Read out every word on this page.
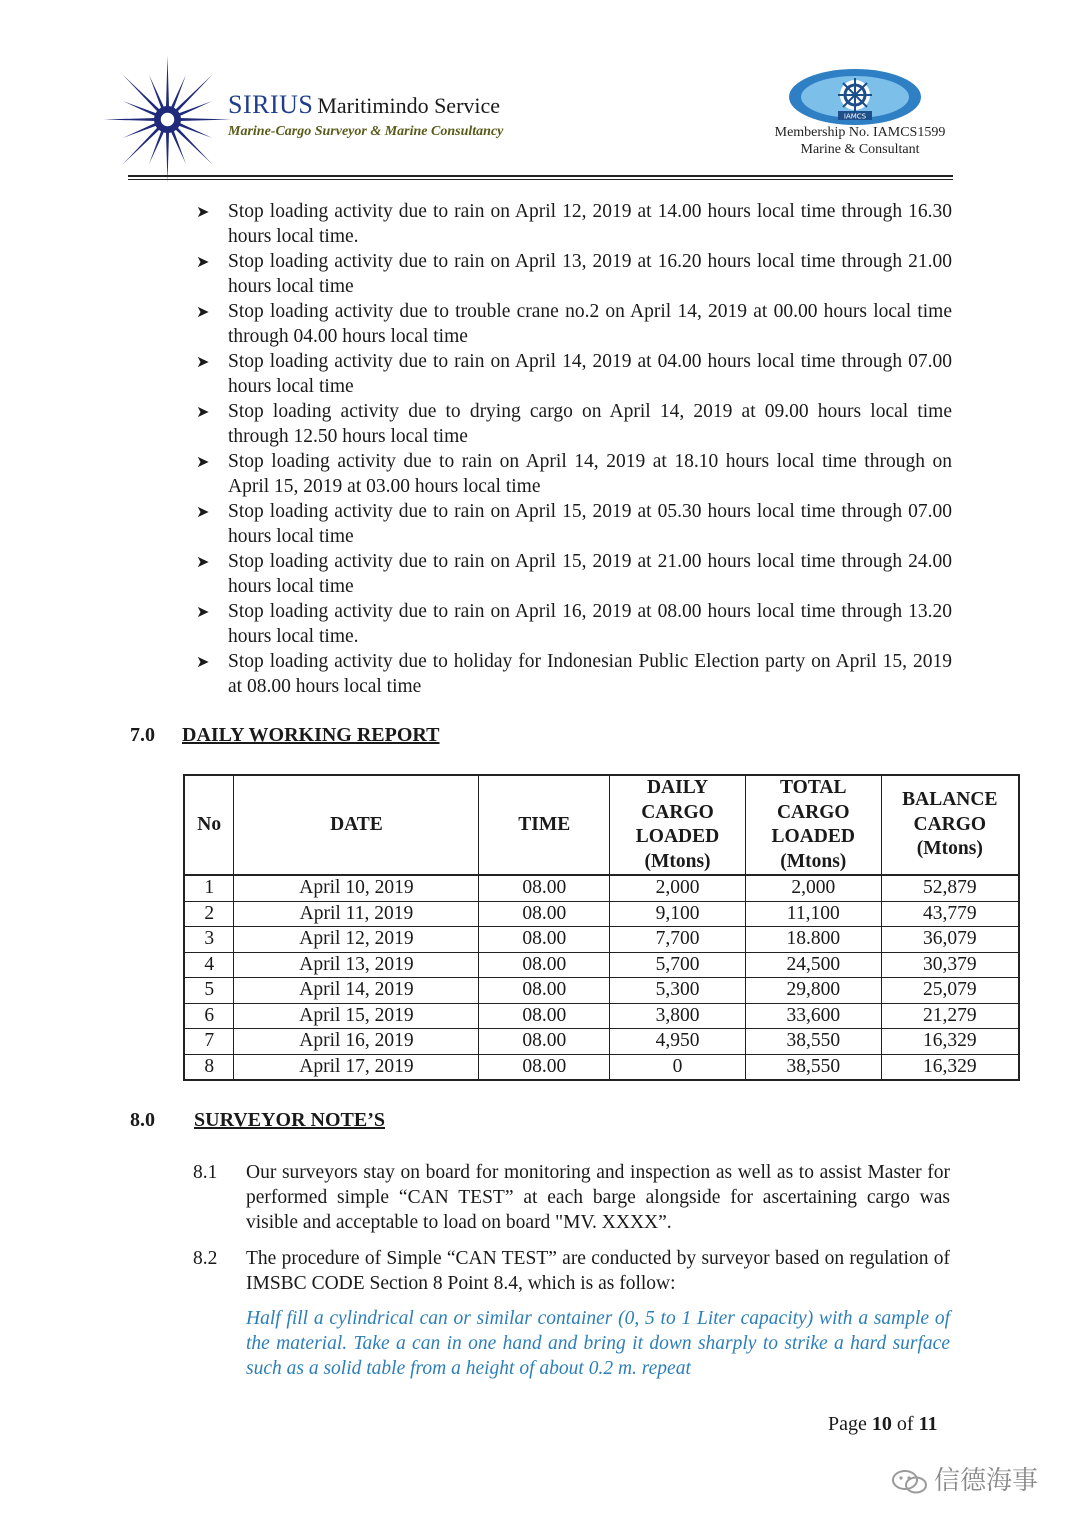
SIRIUS Maritimindo Service
Marine-Cargo Surveyor & Marine Consultancy
IAMCS
Membership No. IAMCS1599
Marine & Consultant
➤ Stop loading activity due to rain on April 12, 2019 at 14.00 hours local time through 16.30 hours local time.
➤ Stop loading activity due to rain on April 13, 2019 at 16.20 hours local time through 21.00 hours local time
➤ Stop loading activity due to trouble crane no.2 on April 14, 2019 at 00.00 hours local time through 04.00 hours local time
➤ Stop loading activity due to rain on April 14, 2019 at 04.00 hours local time through 07.00 hours local time
➤ Stop loading activity due to drying cargo on April 14, 2019 at 09.00 hours local time through 12.50 hours local time
➤ Stop loading activity due to rain on April 14, 2019 at 18.10 hours local time through on April 15, 2019 at 03.00 hours local time
➤ Stop loading activity due to rain on April 15, 2019 at 05.30 hours local time through 07.00 hours local time
➤ Stop loading activity due to rain on April 15, 2019 at 21.00 hours local time through 24.00 hours local time
➤ Stop loading activity due to rain on April 16, 2019 at 08.00 hours local time through 13.20 hours local time.
➤ Stop loading activity due to holiday for Indonesian Public Election party on April 15, 2019 at 08.00 hours local time
7.0 DAILY WORKING REPORT
No	DATE	TIME	DAILY CARGO LOADED (Mtons)	TOTAL CARGO LOADED (Mtons)	BALANCE CARGO (Mtons)
1	April 10, 2019	08.00	2,000	2,000	52,879
2	April 11, 2019	08.00	9,100	11,100	43,779
3	April 12, 2019	08.00	7,700	18.800	36,079
4	April 13, 2019	08.00	5,700	24,500	30,379
5	April 14, 2019	08.00	5,300	29,800	25,079
6	April 15, 2019	08.00	3,800	33,600	21,279
7	April 16, 2019	08.00	4,950	38,550	16,329
8	April 17, 2019	08.00	0	38,550	16,329
8.0 SURVEYOR NOTE’S
8.1 Our surveyors stay on board for monitoring and inspection as well as to assist Master for performed simple “CAN TEST” at each barge alongside for ascertaining cargo was visible and acceptable to load on board "MV. XXXX”.
8.2 The procedure of Simple “CAN TEST” are conducted by surveyor based on regulation of IMSBC CODE Section 8 Point 8.4, which is as follow:
Half fill a cylindrical can or similar container (0, 5 to 1 Liter capacity) with a sample of the material. Take a can in one hand and bring it down sharply to strike a hard surface such as a solid table from a height of about 0.2 m. repeat
Page 10 of 11
信德海事
